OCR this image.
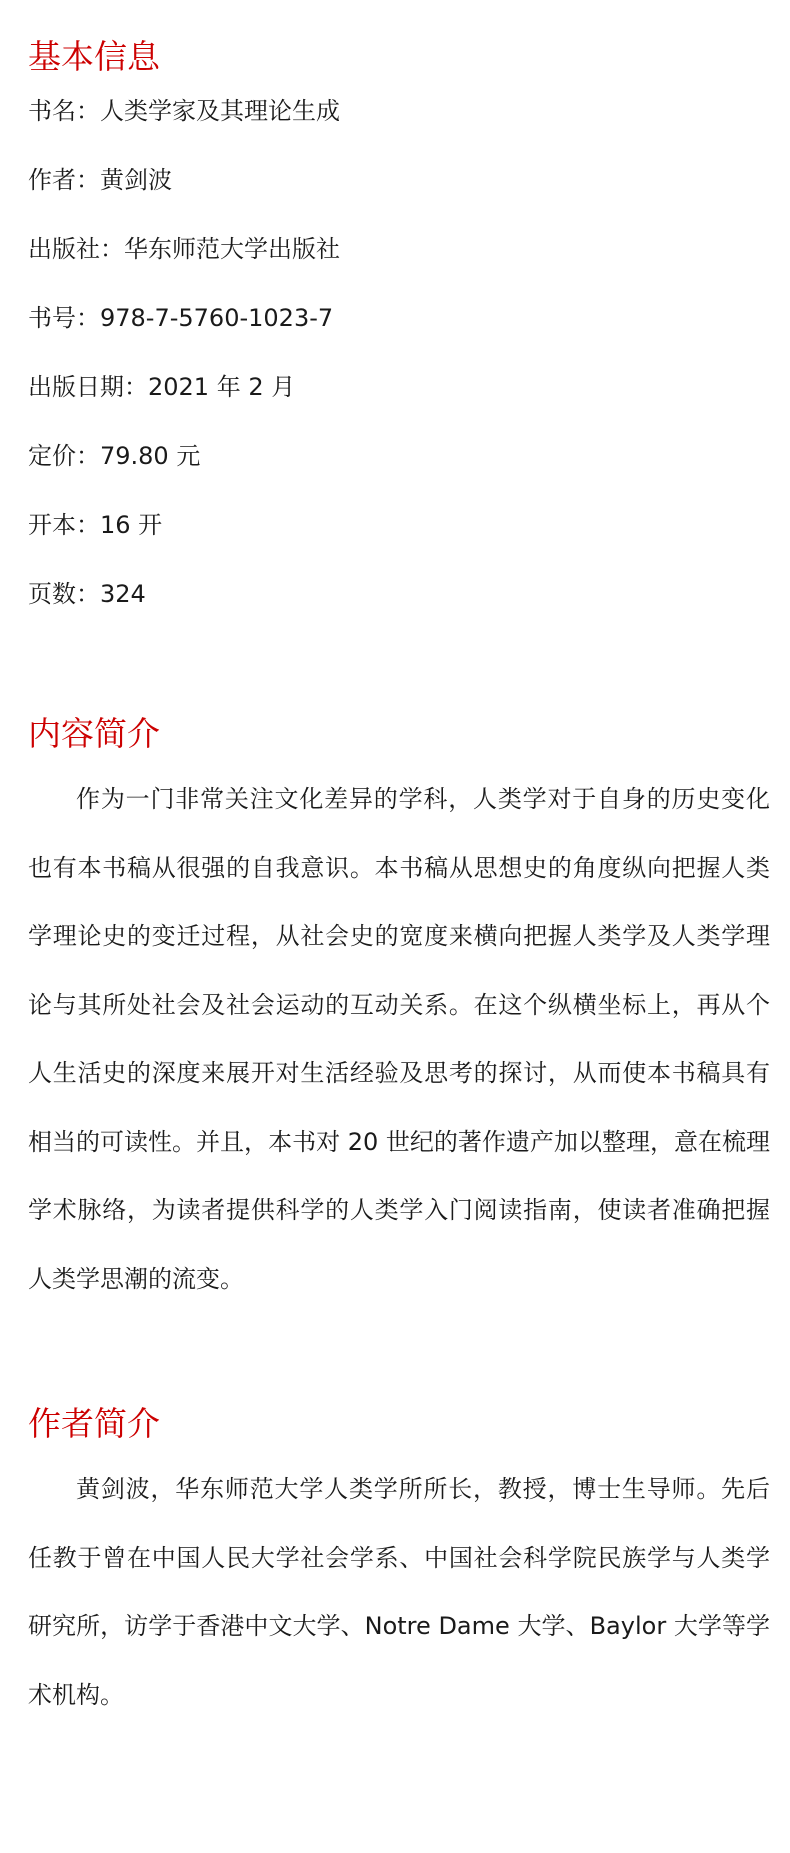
基本信息
书名：人类学家及其理论生成
作者：黄剑波
出版社：华东师范大学出版社
书号：978-7-5760-1023-7
出版日期：2021 年 2 月
定价：79.80 元
开本：16 开
页数：324
内容简介

作为一门非常关注文化差异的学科，人类学对于自身的历史变化也有本书稿从很强的自我意识。本书稿从思想史的角度纵向把握人类学理论史的变迁过程，从社会史的宽度来横向把握人类学及人类学理论与其所处社会及社会运动的互动关系。在这个纵横坐标上，再从个人生活史的深度来展开对生活经验及思考的探讨，从而使本书稿具有相当的可读性。并且，本书对 20 世纪的著作遗产加以整理，意在梳理学术脉络，为读者提供科学的人类学入门阅读指南，使读者准确把握人类学思潮的流变。

作者简介

黄剑波，华东师范大学人类学所所长，教授，博士生导师。先后任教于曾在中国人民大学社会学系、中国社会科学院民族学与人类学研究所，访学于香港中文大学、Notre Dame 大学、Baylor 大学等学术机构。
